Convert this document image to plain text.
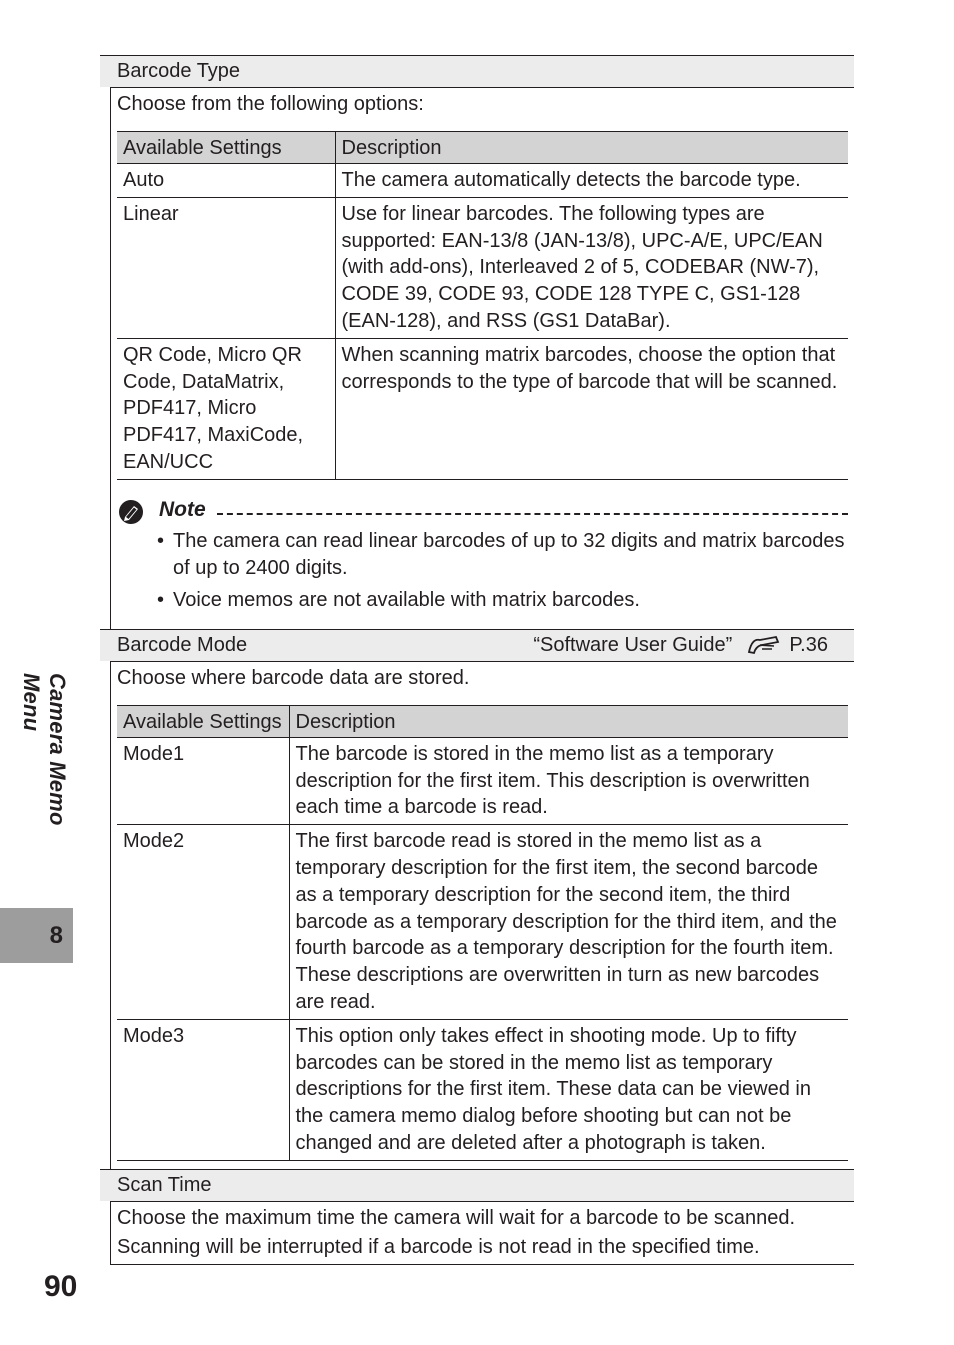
Barcode Type
Choose from the following options:
Available Settings	Description
Auto	The camera automatically detects the barcode type.
Linear	Use for linear barcodes. The following types are supported: EAN-13/8 (JAN-13/8), UPC-A/E, UPC/EAN (with add-ons), Interleaved 2 of 5, CODEBAR (NW-7), CODE 39, CODE 93, CODE 128 TYPE C, GS1-128 (EAN-128), and RSS (GS1 DataBar).
QR Code, Micro QR Code, DataMatrix, PDF417, Micro PDF417, MaxiCode, EAN/UCC	When scanning matrix barcodes, choose the option that corresponds to the type of barcode that will be scanned.
Note
• The camera can read linear barcodes of up to 32 digits and matrix barcodes of up to 2400 digits.
• Voice memos are not available with matrix barcodes.
Barcode Mode	“Software User Guide”	P.36
Choose where barcode data are stored.
Available Settings	Description
Mode1	The barcode is stored in the memo list as a temporary description for the first item. This description is overwritten each time a barcode is read.
Mode2	The first barcode read is stored in the memo list as a temporary description for the first item, the second barcode as a temporary description for the second item, the third barcode as a temporary description for the third item, and the fourth barcode as a temporary description for the fourth item. These descriptions are overwritten in turn as new barcodes are read.
Mode3	This option only takes effect in shooting mode. Up to fifty barcodes can be stored in the memo list as temporary descriptions for the first item. These data can be viewed in the camera memo dialog before shooting but can not be changed and are deleted after a photograph is taken.
Scan Time
Choose the maximum time the camera will wait for a barcode to be scanned. Scanning will be interrupted if a barcode is not read in the specified time.
Camera Memo Menu
8
90
